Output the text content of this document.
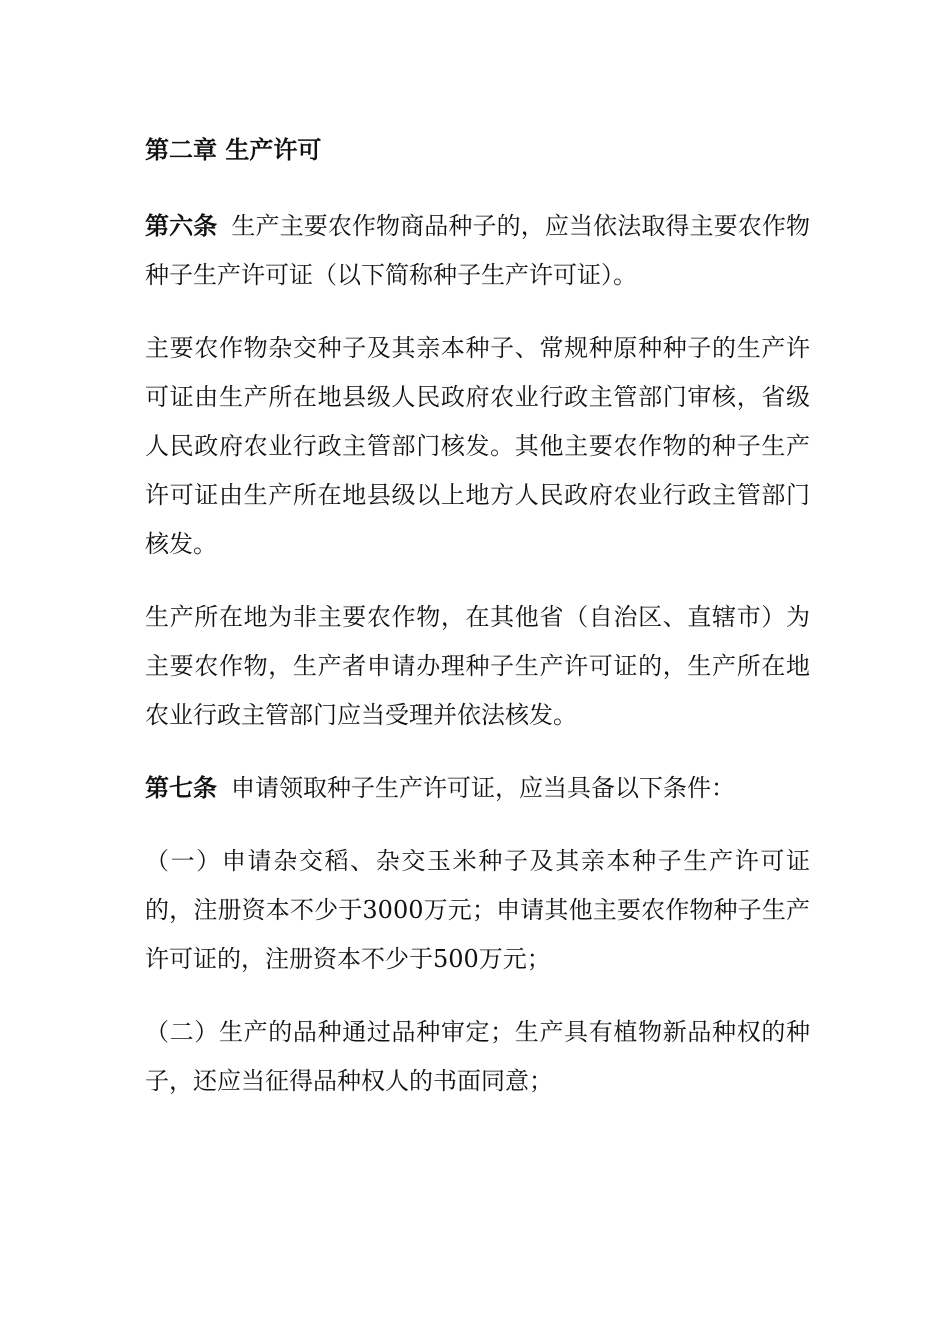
第二章 生产许可

第六条 生产主要农作物商品种子的，应当依法取得主要农作物种子生产许可证（以下简称种子生产许可证）。

主要农作物杂交种子及其亲本种子、常规种原种种子的生产许可证由生产所在地县级人民政府农业行政主管部门审核，省级人民政府农业行政主管部门核发。其他主要农作物的种子生产许可证由生产所在地县级以上地方人民政府农业行政主管部门核发。

生产所在地为非主要农作物，在其他省（自治区、直辖市）为主要农作物，生产者申请办理种子生产许可证的，生产所在地农业行政主管部门应当受理并依法核发。

第七条 申请领取种子生产许可证，应当具备以下条件：

（一）申请杂交稻、杂交玉米种子及其亲本种子生产许可证的，注册资本不少于3000万元；申请其他主要农作物种子生产许可证的，注册资本不少于500万元；

（二）生产的品种通过品种审定；生产具有植物新品种权的种子，还应当征得品种权人的书面同意；
